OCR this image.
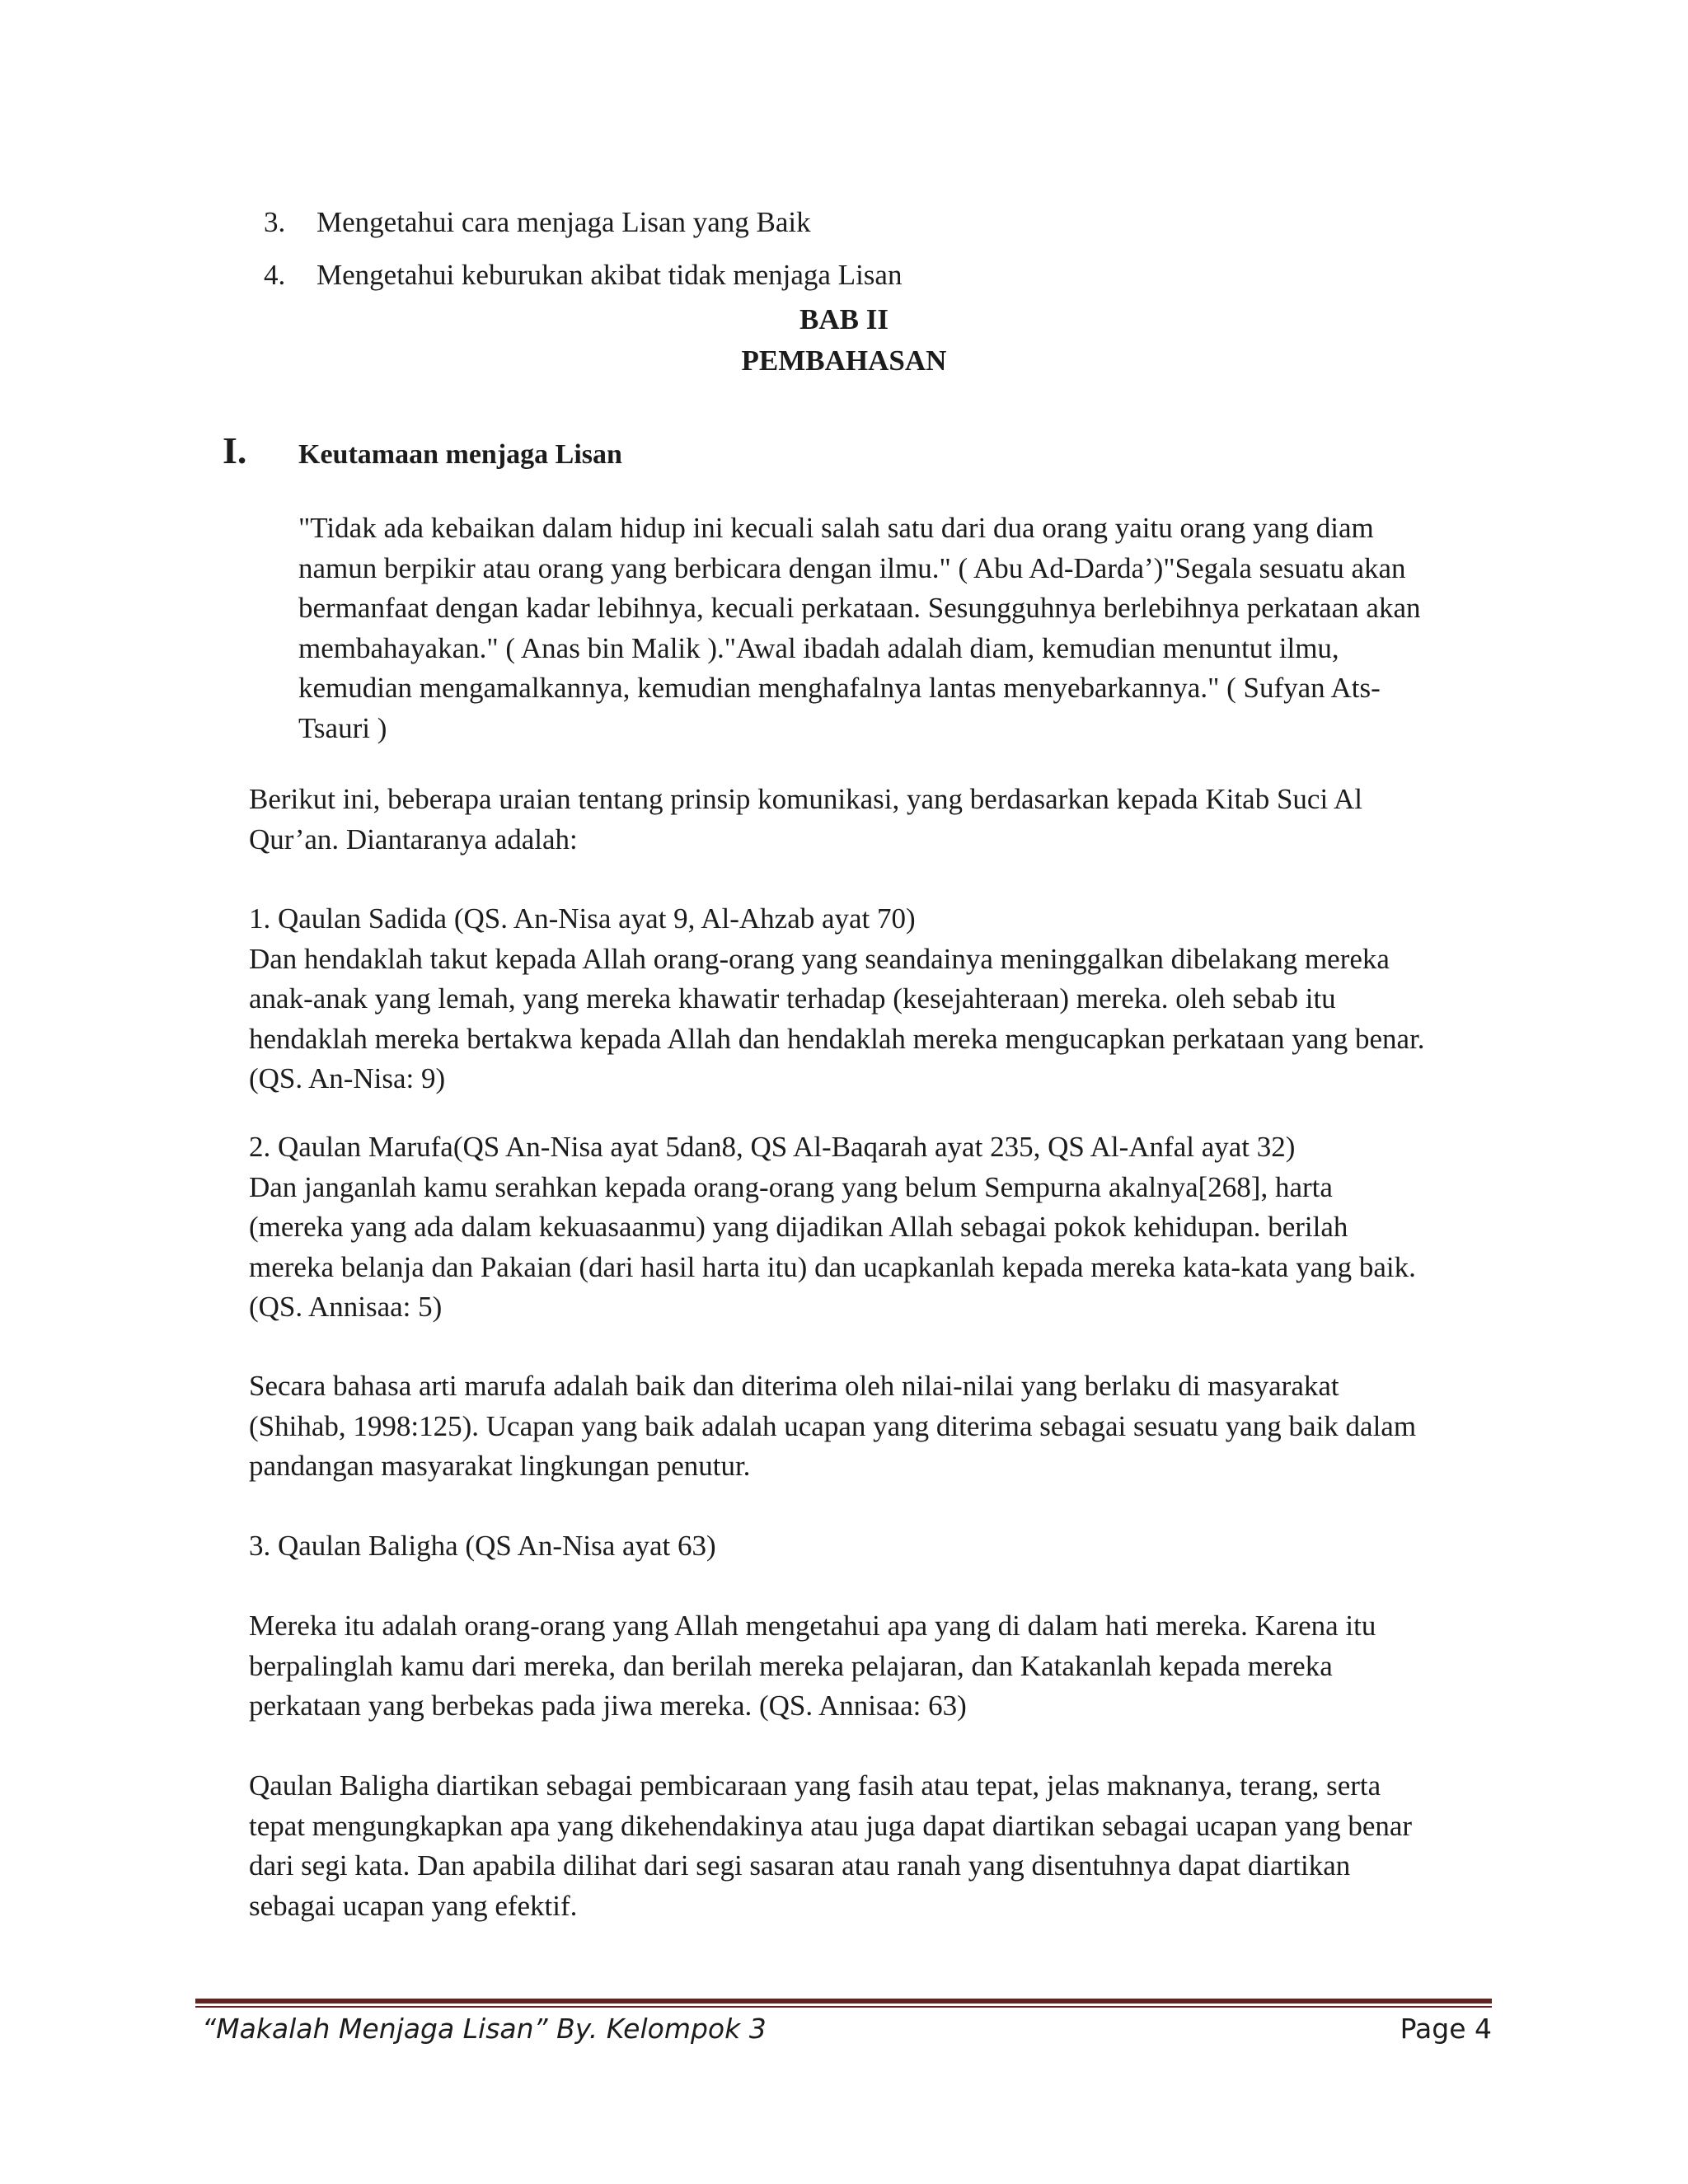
3.	Mengetahui cara menjaga Lisan yang Baik
4.	Mengetahui keburukan akibat tidak menjaga Lisan
BAB II
PEMBAHASAN
I.	Keutamaan menjaga Lisan
"Tidak ada kebaikan dalam hidup ini kecuali salah satu dari dua orang yaitu orang yang diam
namun berpikir atau orang yang berbicara dengan ilmu." ( Abu Ad-Darda’)"Segala sesuatu akan
bermanfaat dengan kadar lebihnya, kecuali perkataan. Sesungguhnya berlebihnya perkataan akan
membahayakan." ( Anas bin Malik )."Awal ibadah adalah diam, kemudian menuntut ilmu,
kemudian mengamalkannya, kemudian menghafalnya lantas menyebarkannya." ( Sufyan Ats-
Tsauri )
Berikut ini, beberapa uraian tentang prinsip komunikasi, yang berdasarkan kepada Kitab Suci Al
Qur’an. Diantaranya adalah:
1. Qaulan Sadida (QS. An-Nisa ayat 9, Al-Ahzab ayat 70)
Dan hendaklah takut kepada Allah orang-orang yang seandainya meninggalkan dibelakang mereka
anak-anak yang lemah, yang mereka khawatir terhadap (kesejahteraan) mereka. oleh sebab itu
hendaklah mereka bertakwa kepada Allah dan hendaklah mereka mengucapkan perkataan yang benar.
(QS. An-Nisa: 9)
2. Qaulan Marufa(QS An-Nisa ayat 5dan8, QS Al-Baqarah ayat 235, QS Al-Anfal ayat 32)
Dan janganlah kamu serahkan kepada orang-orang yang belum Sempurna akalnya[268], harta
(mereka yang ada dalam kekuasaanmu) yang dijadikan Allah sebagai pokok kehidupan. berilah
mereka belanja dan Pakaian (dari hasil harta itu) dan ucapkanlah kepada mereka kata-kata yang baik.
(QS. Annisaa: 5)
Secara bahasa arti marufa adalah baik dan diterima oleh nilai-nilai yang berlaku di masyarakat
(Shihab, 1998:125). Ucapan yang baik adalah ucapan yang diterima sebagai sesuatu yang baik dalam
pandangan masyarakat lingkungan penutur.
3. Qaulan Baligha (QS An-Nisa ayat 63)
Mereka itu adalah orang-orang yang Allah mengetahui apa yang di dalam hati mereka. Karena itu
berpalinglah kamu dari mereka, dan berilah mereka pelajaran, dan Katakanlah kepada mereka
perkataan yang berbekas pada jiwa mereka. (QS. Annisaa: 63)
Qaulan Baligha diartikan sebagai pembicaraan yang fasih atau tepat, jelas maknanya, terang, serta
tepat mengungkapkan apa yang dikehendakinya atau juga dapat diartikan sebagai ucapan yang benar
dari segi kata. Dan apabila dilihat dari segi sasaran atau ranah yang disentuhnya dapat diartikan
sebagai ucapan yang efektif.
“Makalah Menjaga Lisan” By. Kelompok 3	Page 4
